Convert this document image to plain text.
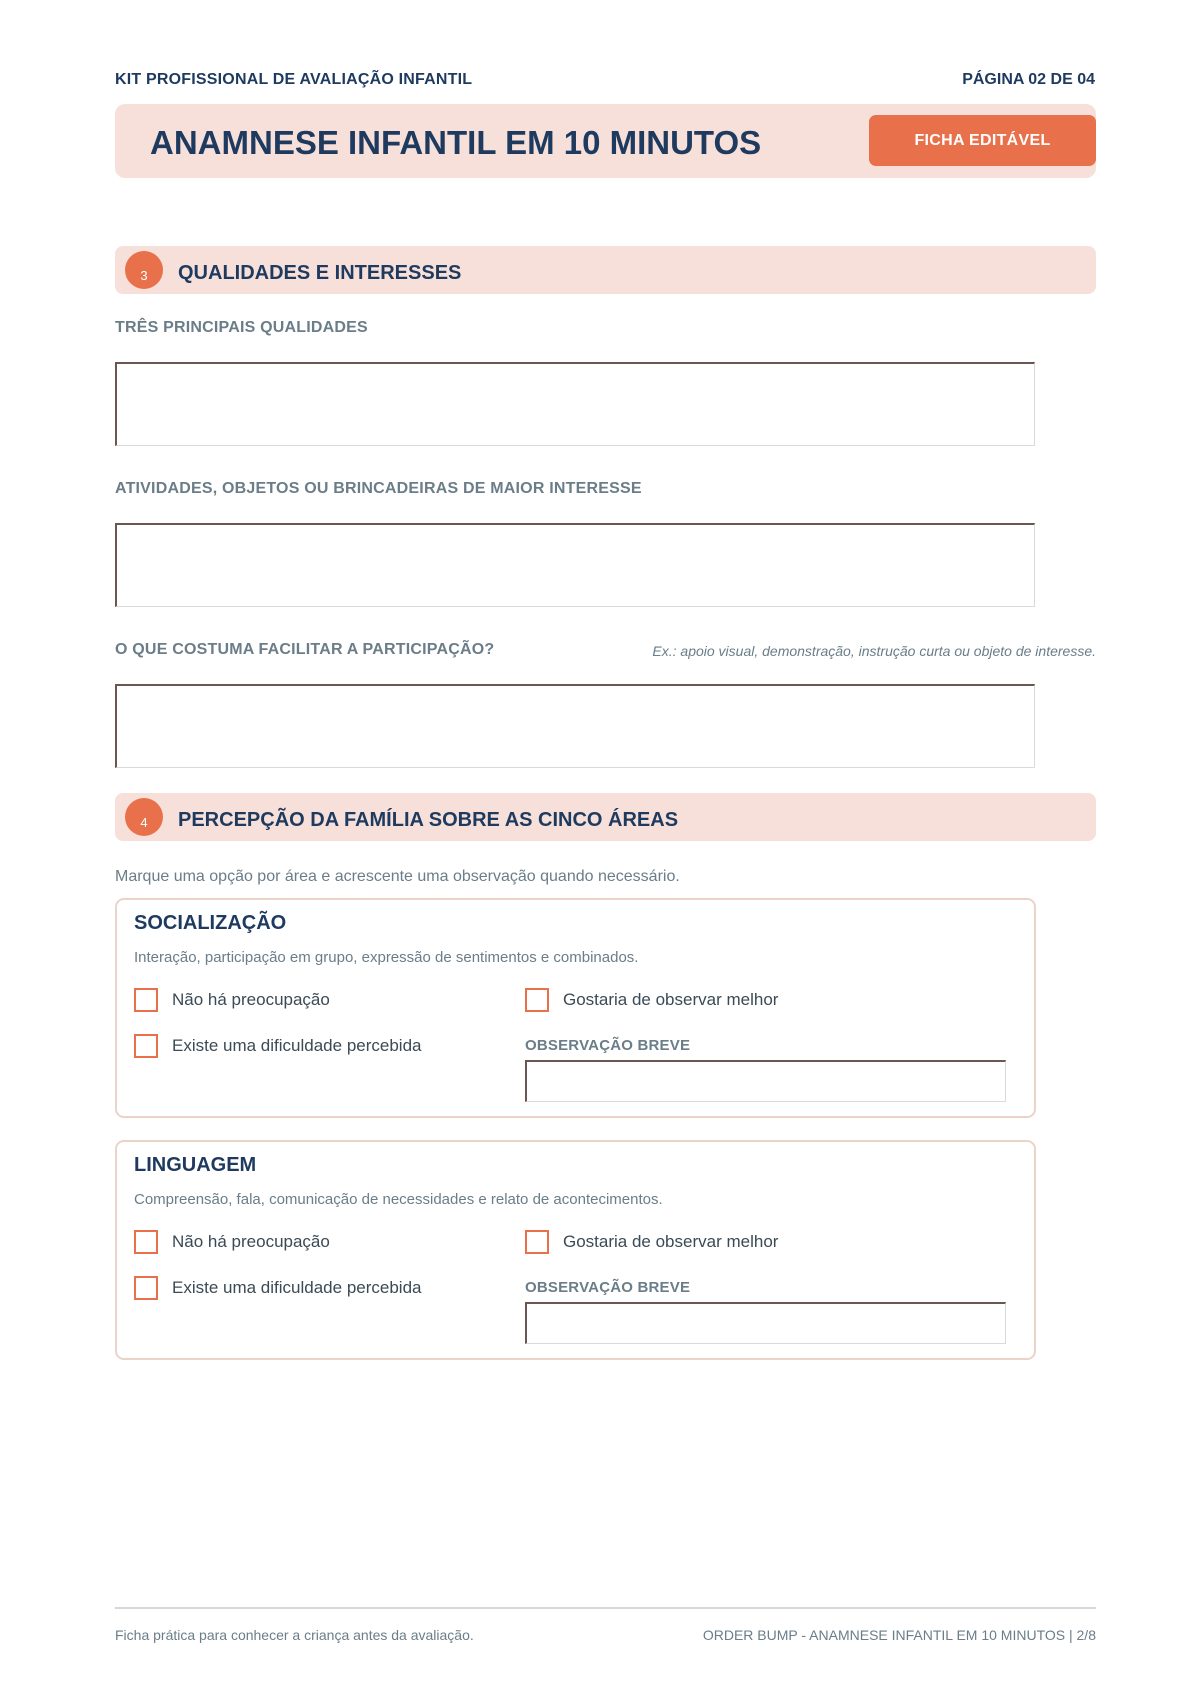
KIT PROFISSIONAL DE AVALIAÇÃO INFANTIL	PÁGINA 02 DE 04
ANAMNESE INFANTIL EM 10 MINUTOS	FICHA EDITÁVEL
3	QUALIDADES E INTERESSES
TRÊS PRINCIPAIS QUALIDADES
ATIVIDADES, OBJETOS OU BRINCADEIRAS DE MAIOR INTERESSE
O QUE COSTUMA FACILITAR A PARTICIPAÇÃO?	Ex.: apoio visual, demonstração, instrução curta ou objeto de interesse.
4	PERCEPÇÃO DA FAMÍLIA SOBRE AS CINCO ÁREAS
Marque uma opção por área e acrescente uma observação quando necessário.
SOCIALIZAÇÃO
Interação, participação em grupo, expressão de sentimentos e combinados.
Não há preocupação	Gostaria de observar melhor
Existe uma dificuldade percebida	OBSERVAÇÃO BREVE
LINGUAGEM
Compreensão, fala, comunicação de necessidades e relato de acontecimentos.
Não há preocupação	Gostaria de observar melhor
Existe uma dificuldade percebida	OBSERVAÇÃO BREVE
Ficha prática para conhecer a criança antes da avaliação.	ORDER BUMP - ANAMNESE INFANTIL EM 10 MINUTOS | 2/8
